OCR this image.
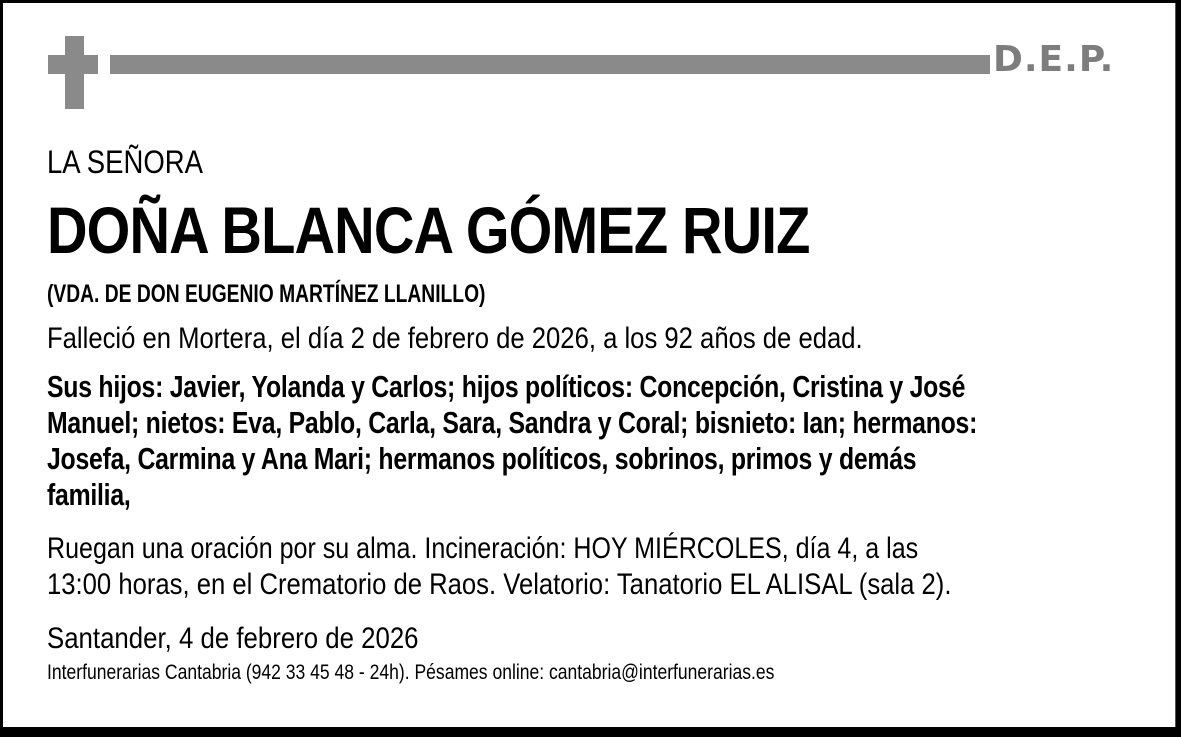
D.E.P.
LA SEÑORA
DOÑA BLANCA GÓMEZ RUIZ
(VDA. DE DON EUGENIO MARTÍNEZ LLANILLO)
Falleció en Mortera, el día 2 de febrero de 2026, a los 92 años de edad.
Sus hijos: Javier, Yolanda y Carlos; hijos políticos: Concepción, Cristina y José
Manuel; nietos: Eva, Pablo, Carla, Sara, Sandra y Coral; bisnieto: Ian; hermanos:
Josefa, Carmina y Ana Mari; hermanos políticos, sobrinos, primos y demás
familia,
Ruegan una oración por su alma. Incineración: HOY MIÉRCOLES, día 4, a las
13:00 horas, en el Crematorio de Raos. Velatorio: Tanatorio EL ALISAL (sala 2).
Santander, 4 de febrero de 2026
Interfunerarias Cantabria (942 33 45 48 - 24h). Pésames online: cantabria@interfunerarias.es
